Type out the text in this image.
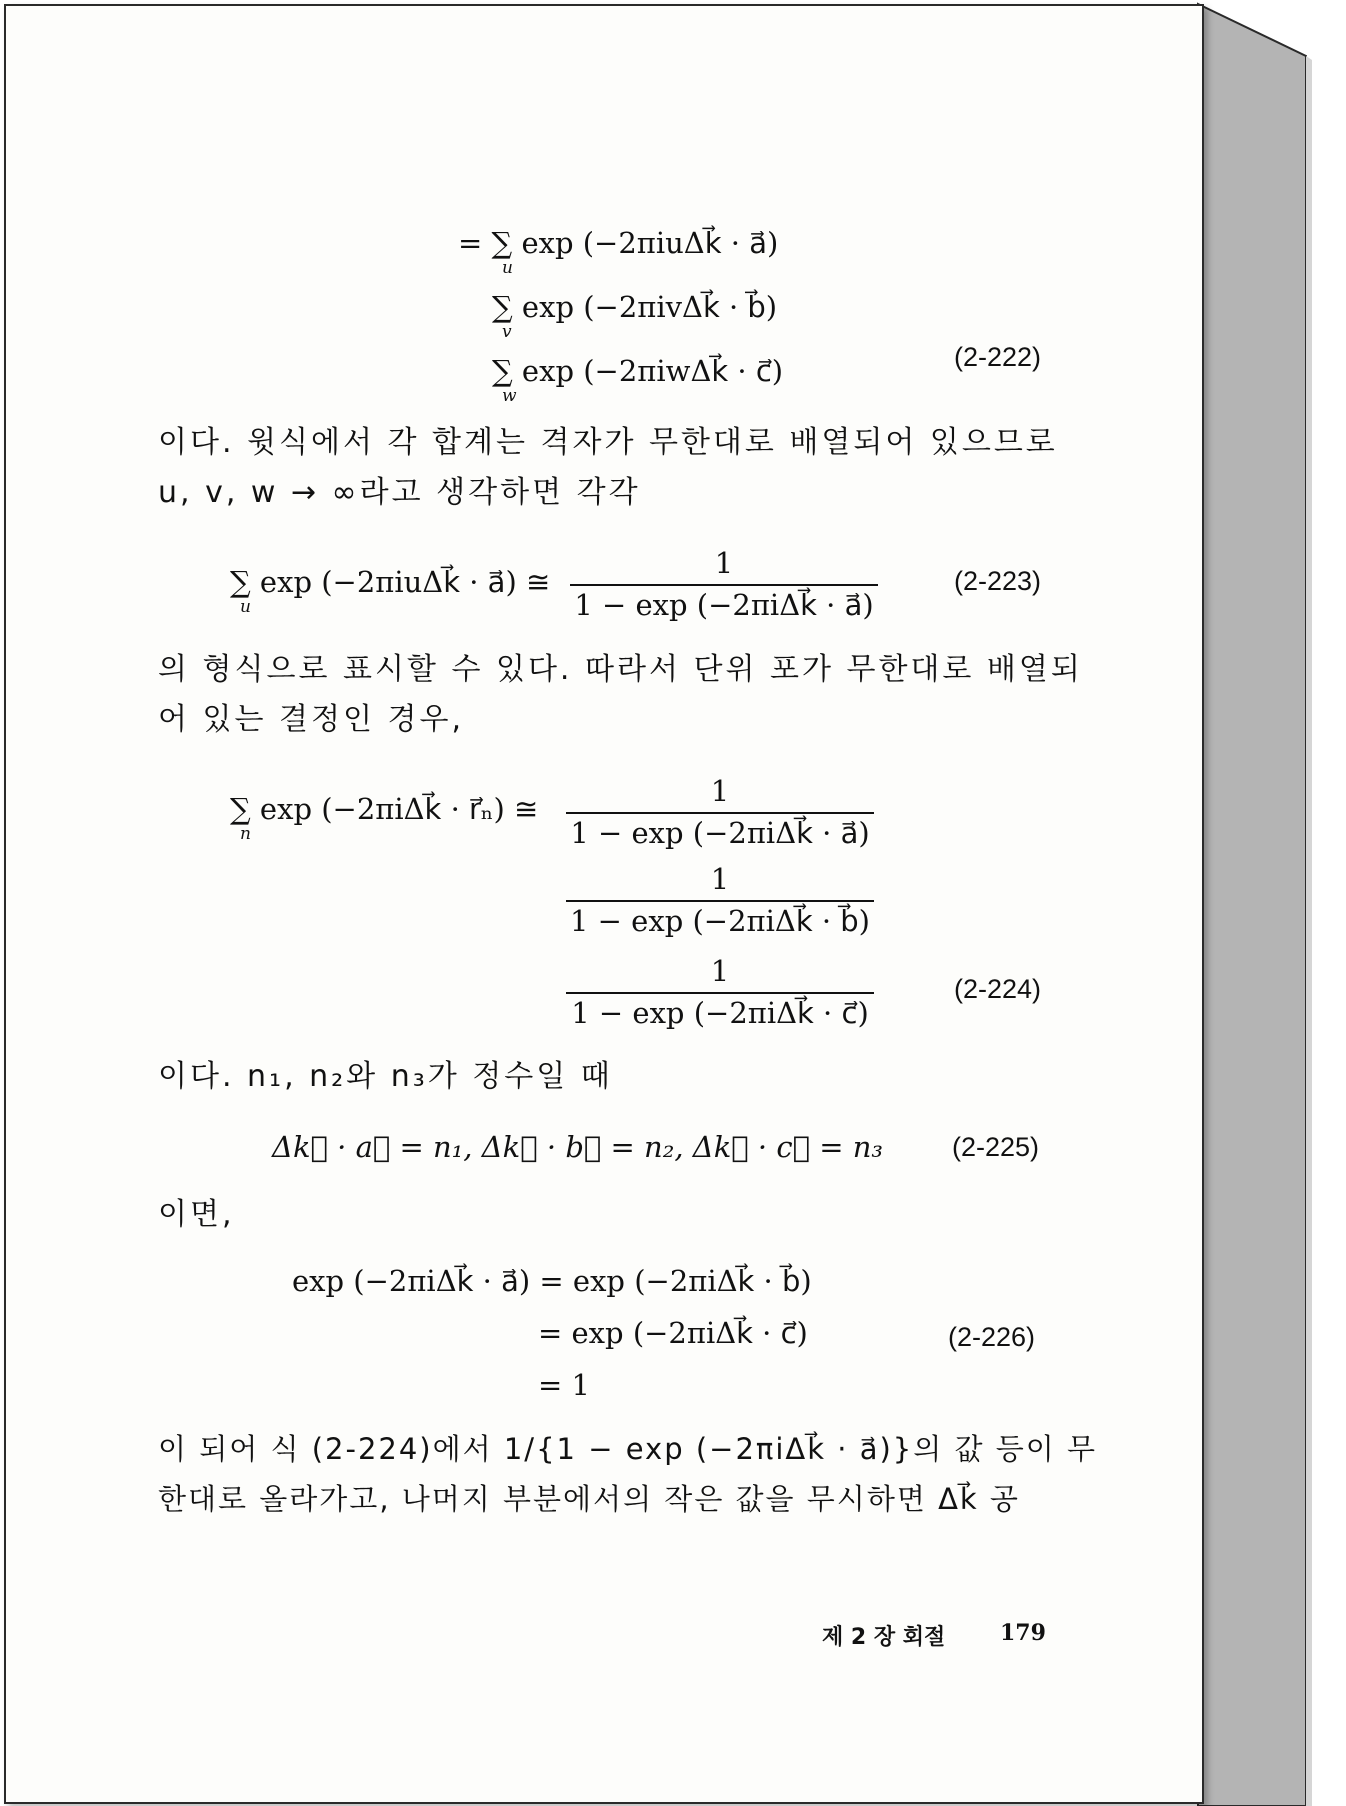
= ∑ exp (−2πiuΔk⃗ · a⃗)
u
∑ exp (−2πivΔk⃗ · b⃗)
v
∑ exp (−2πiwΔk⃗ · c⃗)
w
(2-222)
이다. 윗식에서 각 합계는 격자가 무한대로 배열되어 있으므로
u, v, w → ∞라고 생각하면 각각
∑ exp (−2πiuΔk⃗ · a⃗) ≅
u
1
1 − exp (−2πiΔk⃗ · a⃗)
(2-223)
의 형식으로 표시할 수 있다. 따라서 단위 포가 무한대로 배열되
어 있는 결정인 경우,
∑ exp (−2πiΔk⃗ · r⃗ₙ) ≅
n
1
1 − exp (−2πiΔk⃗ · a⃗)
1
1 − exp (−2πiΔk⃗ · b⃗)
1
1 − exp (−2πiΔk⃗ · c⃗)
(2-224)
이다. n₁, n₂와 n₃가 정수일 때
Δk⃗ · a⃗ = n₁, Δk⃗ · b⃗ = n₂, Δk⃗ · c⃗ = n₃	(2-225)
이면,
exp (−2πiΔk⃗ · a⃗) = exp (−2πiΔk⃗ · b⃗)
= exp (−2πiΔk⃗ · c⃗)
= 1
(2-226)
이 되어 식 (2-224)에서 1/{1 − exp (−2πiΔk⃗ · a⃗)}의 값 등이 무
한대로 올라가고, 나머지 부분에서의 작은 값을 무시하면 Δk⃗ 공
제 2 장 회절 179
